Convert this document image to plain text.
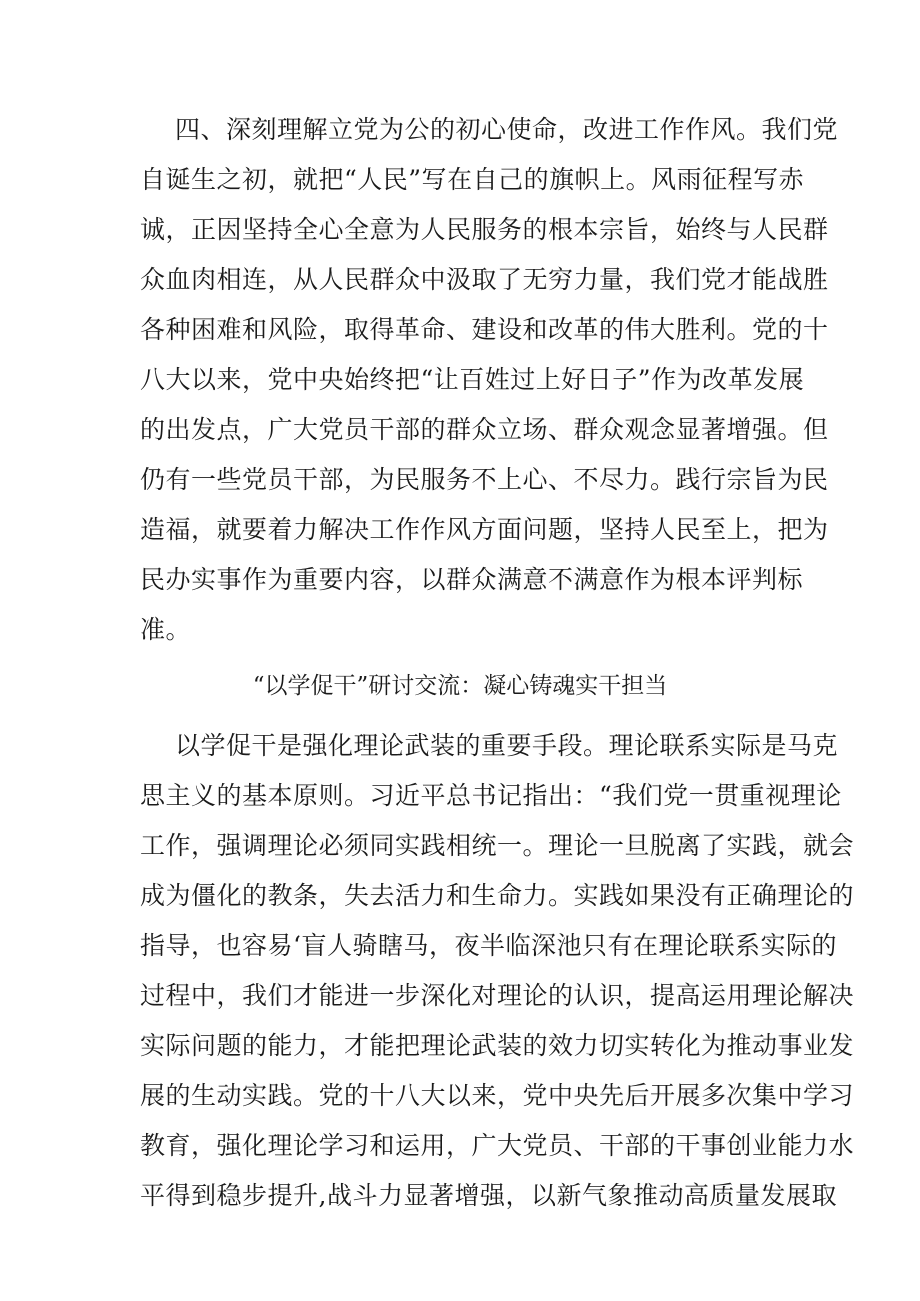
四、深刻理解立党为公的初心使命，改进工作作风。我们党
自诞生之初，就把“人民”写在自己的旗帜上。风雨征程写赤
诚，正因坚持全心全意为人民服务的根本宗旨，始终与人民群
众血肉相连，从人民群众中汲取了无穷力量，我们党才能战胜
各种困难和风险，取得革命、建设和改革的伟大胜利。党的十
八大以来，党中央始终把“让百姓过上好日子”作为改革发展
的出发点，广大党员干部的群众立场、群众观念显著增强。但
仍有一些党员干部，为民服务不上心、不尽力。践行宗旨为民
造福，就要着力解决工作作风方面问题，坚持人民至上，把为
民办实事作为重要内容，以群众满意不满意作为根本评判标
准。
“以学促干”研讨交流：凝心铸魂实干担当
以学促干是强化理论武装的重要手段。理论联系实际是马克
思主义的基本原则。习近平总书记指出：“我们党一贯重视理论
工作，强调理论必须同实践相统一。理论一旦脱离了实践，就会
成为僵化的教条，失去活力和生命力。实践如果没有正确理论的
指导，也容易‘盲人骑瞎马，夜半临深池只有在理论联系实际的
过程中，我们才能进一步深化对理论的认识，提高运用理论解决
实际问题的能力，才能把理论武装的效力切实转化为推动事业发
展的生动实践。党的十八大以来，党中央先后开展多次集中学习
教育，强化理论学习和运用，广大党员、干部的干事创业能力水
平得到稳步提升,战斗力显著增强，以新气象推动高质量发展取
